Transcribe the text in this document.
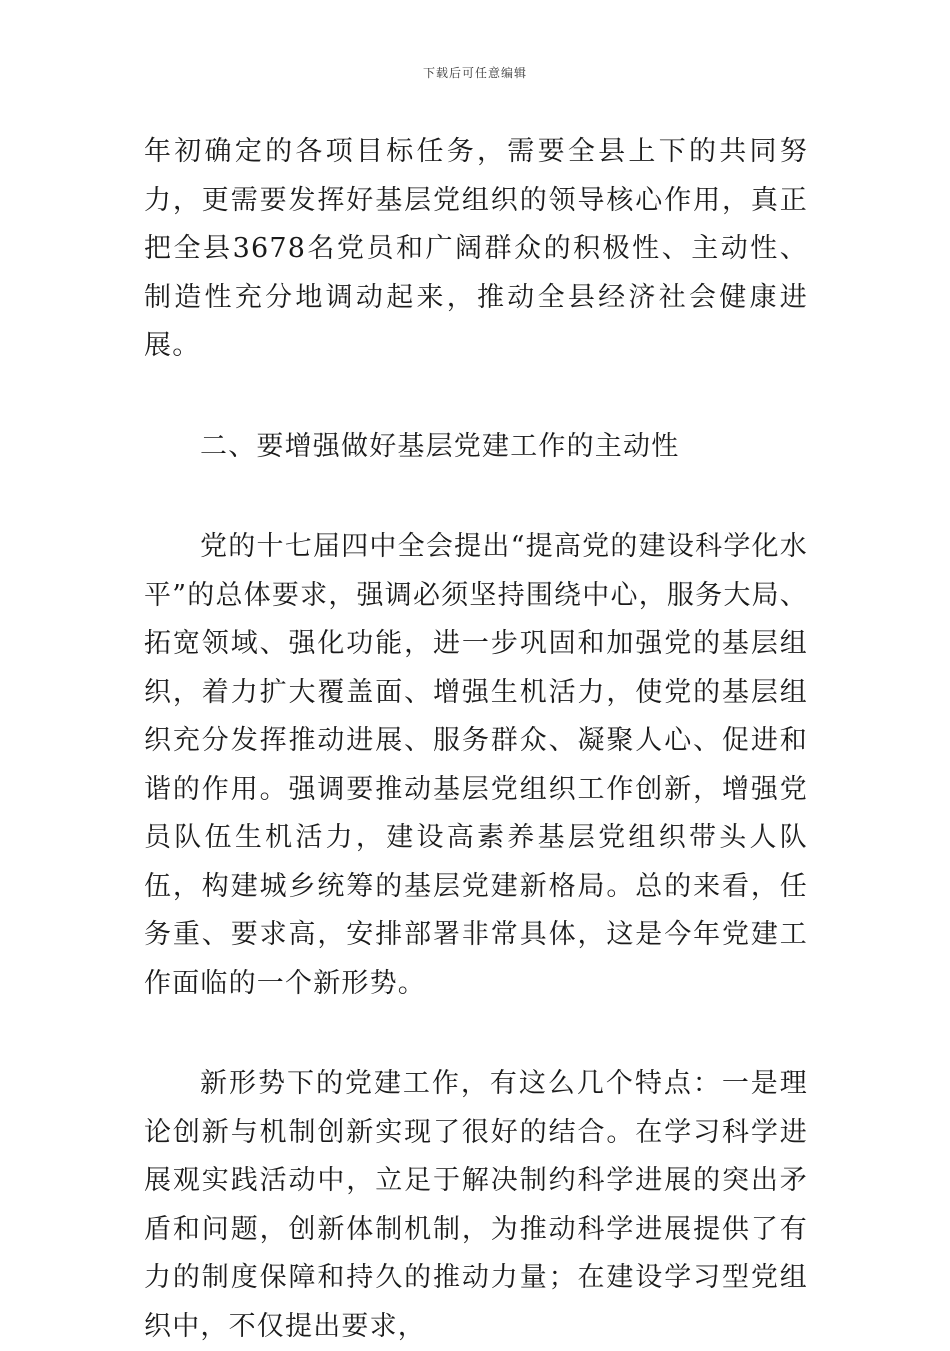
下载后可任意编辑

年初确定的各项目标任务，需要全县上下的共同努力，更需要发挥好基层党组织的领导核心作用，真正把全县3678名党员和广阔群众的积极性、主动性、制造性充分地调动起来，推动全县经济社会健康进展。

二、要增强做好基层党建工作的主动性

党的十七届四中全会提出“提高党的建设科学化水平”的总体要求，强调必须坚持围绕中心，服务大局、拓宽领域、强化功能，进一步巩固和加强党的基层组织，着力扩大覆盖面、增强生机活力，使党的基层组织充分发挥推动进展、服务群众、凝聚人心、促进和谐的作用。强调要推动基层党组织工作创新，增强党员队伍生机活力，建设高素养基层党组织带头人队伍，构建城乡统筹的基层党建新格局。总的来看，任务重、要求高，安排部署非常具体，这是今年党建工作面临的一个新形势。

新形势下的党建工作，有这么几个特点：一是理论创新与机制创新实现了很好的结合。在学习科学进展观实践活动中，立足于解决制约科学进展的突出矛盾和问题，创新体制机制，为推动科学进展提供了有力的制度保障和持久的推动力量；在建设学习型党组织中，不仅提出要求，
